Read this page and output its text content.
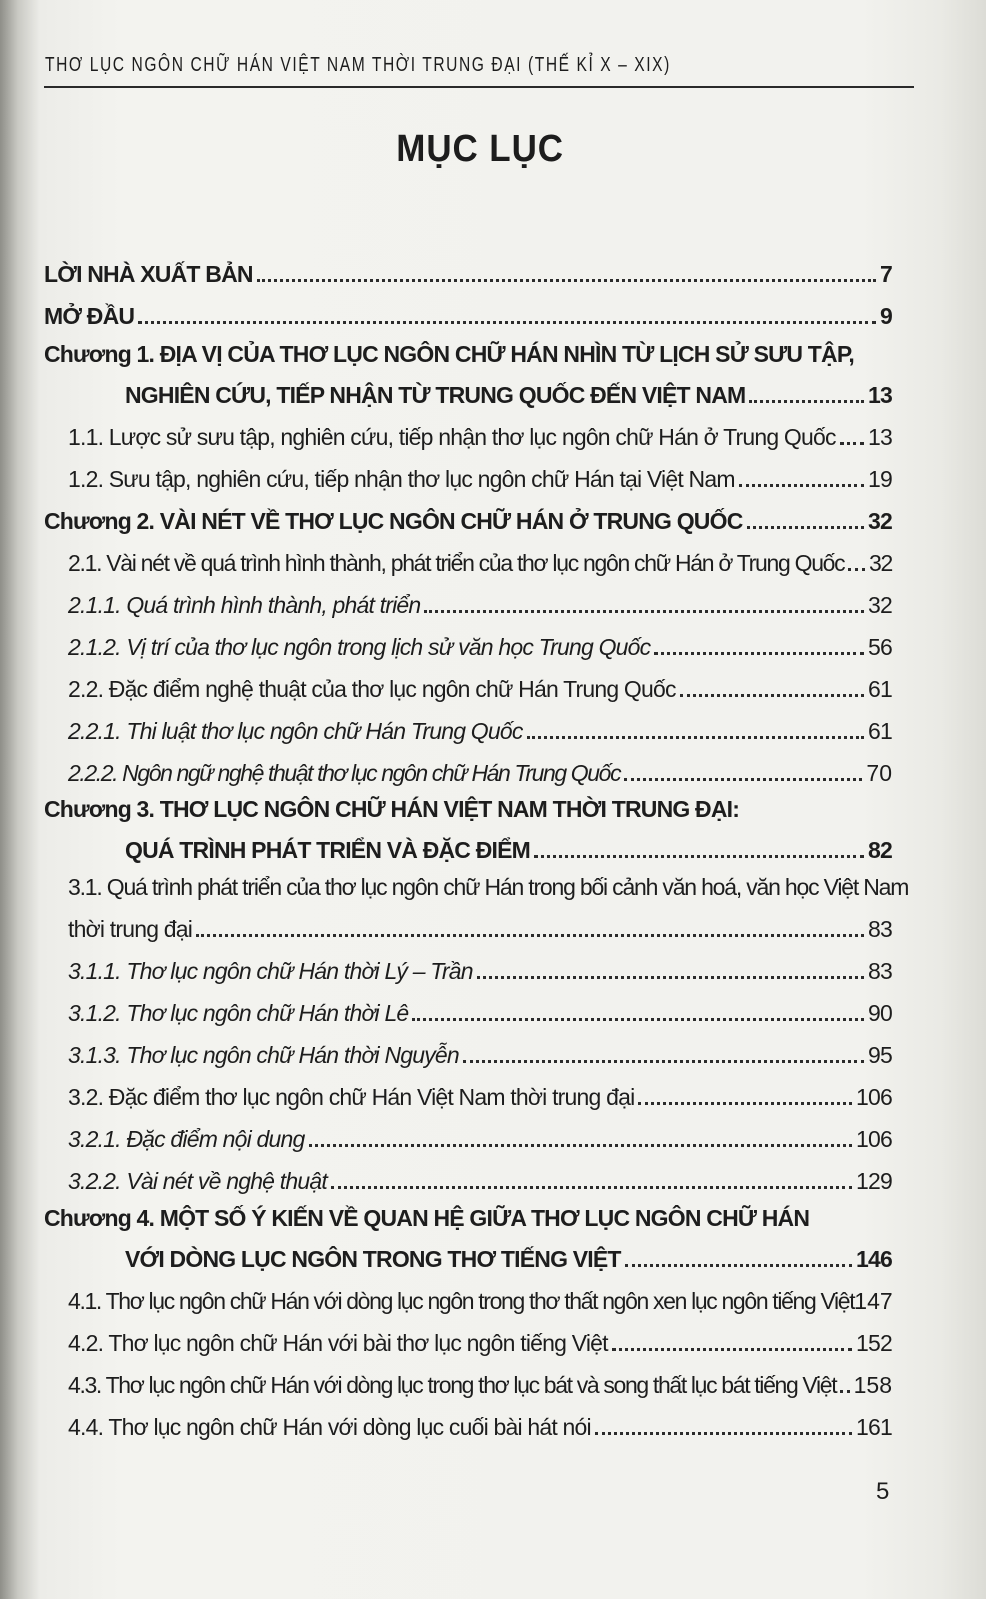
THƠ LỤC NGÔN CHỮ HÁN VIỆT NAM THỜI TRUNG ĐẠI (THẾ KỈ X – XIX)
MỤC LỤC
LỜI NHÀ XUẤT BẢN	7
MỞ ĐẦU	9
Chương 1. ĐỊA VỊ CỦA THƠ LỤC NGÔN CHỮ HÁN NHÌN TỪ LỊCH SỬ SƯU TẬP,
NGHIÊN CỨU, TIẾP NHẬN TỪ TRUNG QUỐC ĐẾN VIỆT NAM	13
1.1. Lược sử sưu tập, nghiên cứu, tiếp nhận thơ lục ngôn chữ Hán ở Trung Quốc 13
1.2. Sưu tập, nghiên cứu, tiếp nhận thơ lục ngôn chữ Hán tại Việt Nam	19
Chương 2. VÀI NÉT VỀ THƠ LỤC NGÔN CHỮ HÁN Ở TRUNG QUỐC	32
2.1. Vài nét về quá trình hình thành, phát triển của thơ lục ngôn chữ Hán ở Trung Quốc 32
2.1.1. Quá trình hình thành, phát triển	32
2.1.2. Vị trí của thơ lục ngôn trong lịch sử văn học Trung Quốc	56
2.2. Đặc điểm nghệ thuật của thơ lục ngôn chữ Hán Trung Quốc	61
2.2.1. Thi luật thơ lục ngôn chữ Hán Trung Quốc	61
2.2.2. Ngôn ngữ nghệ thuật thơ lục ngôn chữ Hán Trung Quốc	70
Chương 3. THƠ LỤC NGÔN CHỮ HÁN VIỆT NAM THỜI TRUNG ĐẠI:
QUÁ TRÌNH PHÁT TRIỂN VÀ ĐẶC ĐIỂM	82
3.1. Quá trình phát triển của thơ lục ngôn chữ Hán trong bối cảnh văn hoá, văn học Việt Nam
thời trung đại	83
3.1.1. Thơ lục ngôn chữ Hán thời Lý – Trần	83
3.1.2. Thơ lục ngôn chữ Hán thời Lê	90
3.1.3. Thơ lục ngôn chữ Hán thời Nguyễn	95
3.2. Đặc điểm thơ lục ngôn chữ Hán Việt Nam thời trung đại	106
3.2.1. Đặc điểm nội dung	106
3.2.2. Vài nét về nghệ thuật	129
Chương 4. MỘT SỐ Ý KIẾN VỀ QUAN HỆ GIỮA THƠ LỤC NGÔN CHỮ HÁN
VỚI DÒNG LỤC NGÔN TRONG THƠ TIẾNG VIỆT	146
4.1. Thơ lục ngôn chữ Hán với dòng lục ngôn trong thơ thất ngôn xen lục ngôn tiếng Việt 147
4.2. Thơ lục ngôn chữ Hán với bài thơ lục ngôn tiếng Việt	152
4.3. Thơ lục ngôn chữ Hán với dòng lục trong thơ lục bát và song thất lục bát tiếng Việt 158
4.4. Thơ lục ngôn chữ Hán với dòng lục cuối bài hát nói	161
5
